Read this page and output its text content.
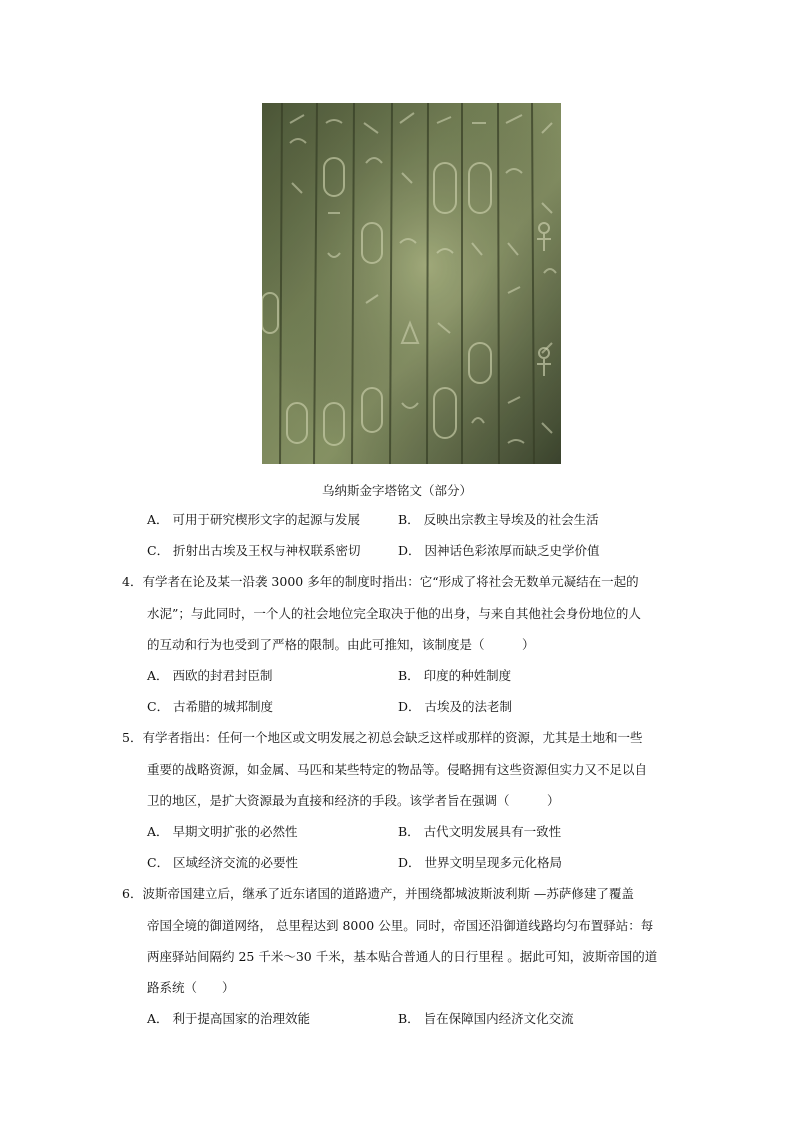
乌纳斯金字塔铭文（部分）
A． 可用于研究楔形文字的起源与发展	B． 反映出宗教主导埃及的社会生活
C． 折射出古埃及王权与神权联系密切	D． 因神话色彩浓厚而缺乏史学价值
4．有学者在论及某一沿袭 3000 多年的制度时指出：它“形成了将社会无数单元凝结在一起的
水泥”；与此同时，一个人的社会地位完全取决于他的出身，与来自其他社会身份地位的人
的互动和行为也受到了严格的限制。由此可推知，该制度是（　　　）
A． 西欧的封君封臣制	B． 印度的种姓制度
C． 古希腊的城邦制度	D． 古埃及的法老制
5．有学者指出：任何一个地区或文明发展之初总会缺乏这样或那样的资源，尤其是土地和一些
重要的战略资源，如金属、马匹和某些特定的物品等。侵略拥有这些资源但实力又不足以自
卫的地区，是扩大资源最为直接和经济的手段。该学者旨在强调（　　　）
A． 早期文明扩张的必然性	B． 古代文明发展具有一致性
C． 区域经济交流的必要性	D． 世界文明呈现多元化格局
6．波斯帝国建立后，继承了近东诸国的道路遗产，并围绕都城波斯波利斯 —苏萨修建了覆盖
帝国全境的御道网络， 总里程达到 8000 公里。同时，帝国还沿御道线路均匀布置驿站：每
两座驿站间隔约 25 千米～30 千米，基本贴合普通人的日行里程 。据此可知，波斯帝国的道
路系统（　　）
A． 利于提高国家的治理效能	B． 旨在保障国内经济文化交流
